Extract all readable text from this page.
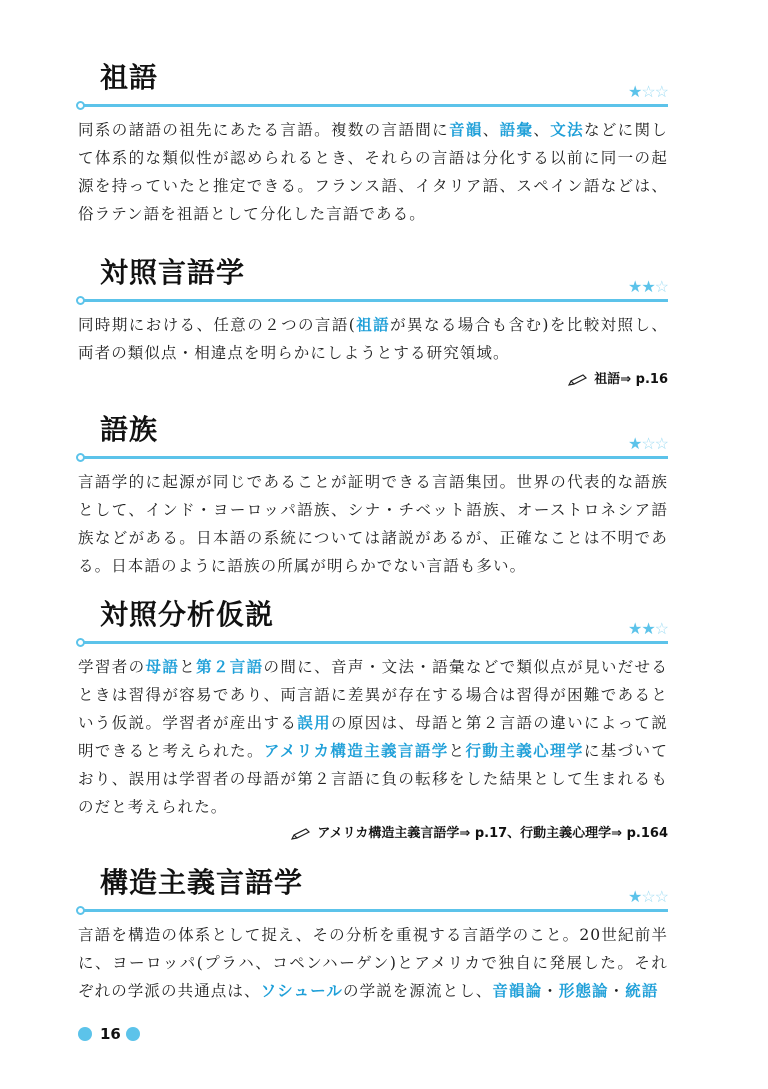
祖語	★☆☆
同系の諸語の祖先にあたる言語。複数の言語間に音韻、語彙、文法などに関して体系的な類似性が認められるとき、それらの言語は分化する以前に同一の起源を持っていたと推定できる。フランス語、イタリア語、スペイン語などは、俗ラテン語を祖語として分化した言語である。
対照言語学	★★☆
同時期における、任意の２つの言語(祖語が異なる場合も含む)を比較対照し、両者の類似点・相違点を明らかにしようとする研究領域。
祖語⇒ p.16
語族	★☆☆
言語学的に起源が同じであることが証明できる言語集団。世界の代表的な語族として、インド・ヨーロッパ語族、シナ・チベット語族、オーストロネシア語族などがある。日本語の系統については諸説があるが、正確なことは不明である。日本語のように語族の所属が明らかでない言語も多い。
対照分析仮説	★★☆
学習者の母語と第２言語の間に、音声・文法・語彙などで類似点が見いだせるときは習得が容易であり、両言語に差異が存在する場合は習得が困難であるという仮説。学習者が産出する誤用の原因は、母語と第２言語の違いによって説明できると考えられた。アメリカ構造主義言語学と行動主義心理学に基づいており、誤用は学習者の母語が第２言語に負の転移をした結果として生まれるものだと考えられた。
アメリカ構造主義言語学⇒ p.17、行動主義心理学⇒ p.164
構造主義言語学	★☆☆
言語を構造の体系として捉え、その分析を重視する言語学のこと。20世紀前半に、ヨーロッパ(プラハ、コペンハーゲン)とアメリカで独自に発展した。それぞれの学派の共通点は、ソシュールの学説を源流とし、音韻論・形態論・統語
16
